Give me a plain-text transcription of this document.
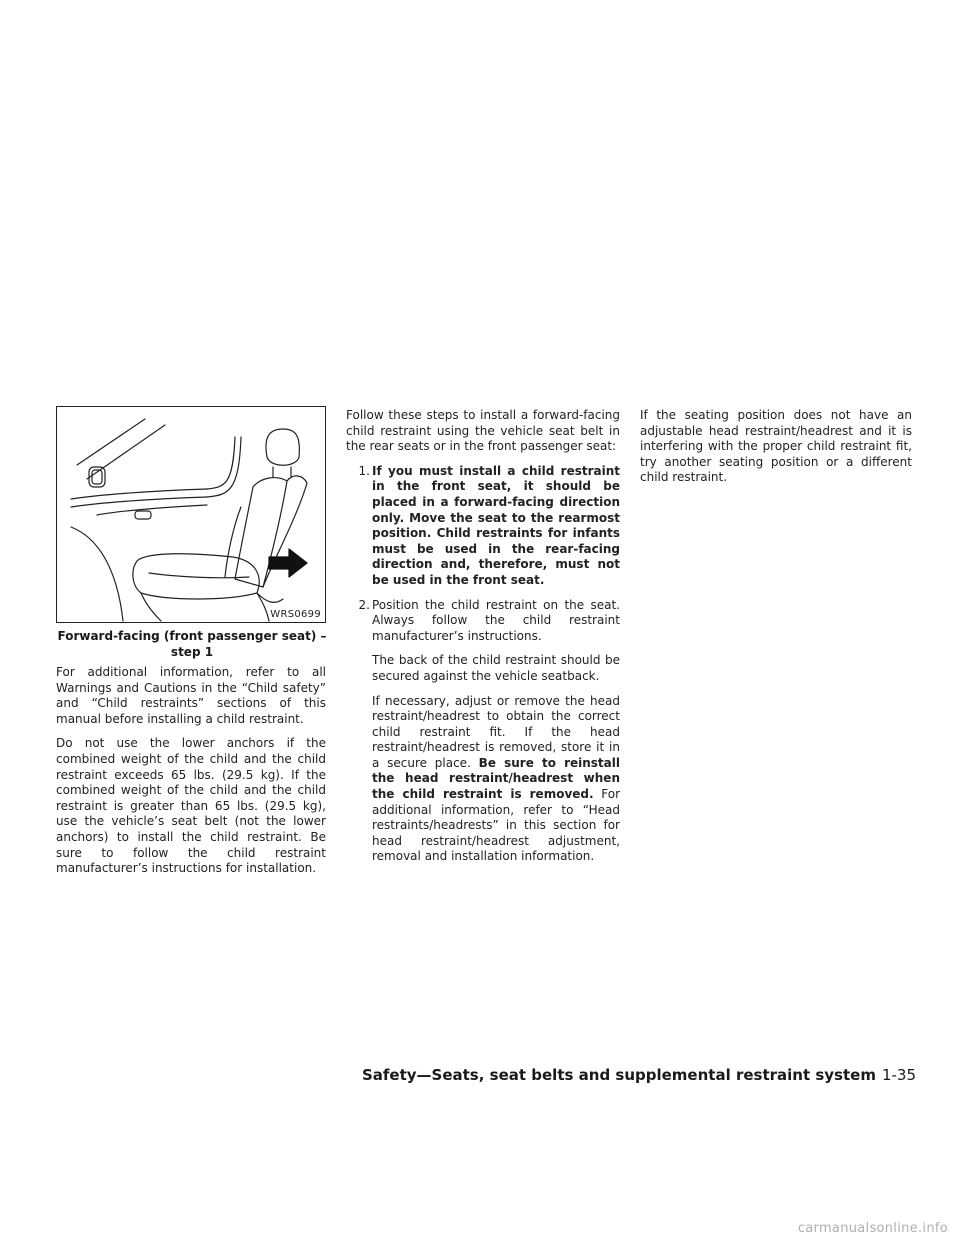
WRS0699
Forward-facing (front passenger seat) – step 1

For additional information, refer to all Warnings and Cautions in the “Child safety” and “Child restraints” sections of this manual before installing a child restraint.

Do not use the lower anchors if the combined weight of the child and the child restraint exceeds 65 lbs. (29.5 kg). If the combined weight of the child and the child restraint is greater than 65 lbs. (29.5 kg), use the vehicle’s seat belt (not the lower anchors) to install the child restraint. Be sure to follow the child restraint manufacturer’s instructions for installation.

Follow these steps to install a forward-facing child restraint using the vehicle seat belt in the rear seats or in the front passenger seat:

1. If you must install a child restraint in the front seat, it should be placed in a forward-facing direction only. Move the seat to the rearmost position. Child restraints for infants must be used in the rear-facing direction and, therefore, must not be used in the front seat.

2. Position the child restraint on the seat. Always follow the child restraint manufacturer’s instructions.

The back of the child restraint should be secured against the vehicle seatback.

If necessary, adjust or remove the head restraint/headrest to obtain the correct child restraint fit. If the head restraint/headrest is removed, store it in a secure place. Be sure to reinstall the head restraint/headrest when the child restraint is removed. For additional information, refer to “Head restraints/headrests” in this section for head restraint/headrest adjustment, removal and installation information.

If the seating position does not have an adjustable head restraint/headrest and it is interfering with the proper child restraint fit, try another seating position or a different child restraint.

Safety—Seats, seat belts and supplemental restraint system 1-35
carmanualsonline.info
